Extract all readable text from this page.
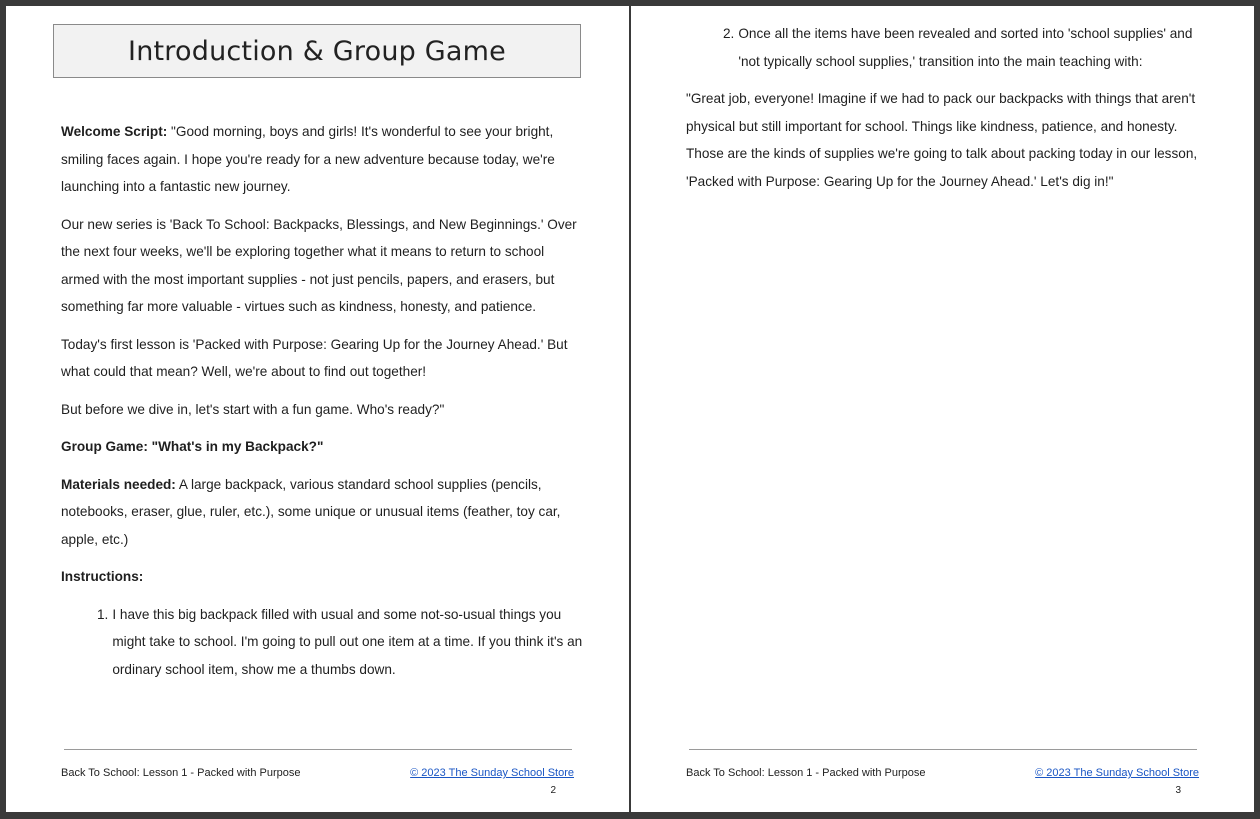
Introduction & Group Game

Welcome Script: "Good morning, boys and girls! It's wonderful to see your bright, smiling faces again. I hope you're ready for a new adventure because today, we're launching into a fantastic new journey.

Our new series is 'Back To School: Backpacks, Blessings, and New Beginnings.' Over the next four weeks, we'll be exploring together what it means to return to school armed with the most important supplies - not just pencils, papers, and erasers, but something far more valuable - virtues such as kindness, honesty, and patience.

Today's first lesson is 'Packed with Purpose: Gearing Up for the Journey Ahead.' But what could that mean? Well, we're about to find out together!

But before we dive in, let's start with a fun game. Who's ready?"

Group Game: "What's in my Backpack?"

Materials needed: A large backpack, various standard school supplies (pencils, notebooks, eraser, glue, ruler, etc.), some unique or unusual items (feather, toy car, apple, etc.)

Instructions:

1. I have this big backpack filled with usual and some not-so-usual things you might take to school. I'm going to pull out one item at a time. If you think it's an ordinary school item, show me a thumbs down.
Back To School: Lesson 1 - Packed with Purpose	© 2023 The Sunday School Store
2
2. Once all the items have been revealed and sorted into 'school supplies' and 'not typically school supplies,' transition into the main teaching with:

"Great job, everyone! Imagine if we had to pack our backpacks with things that aren't physical but still important for school. Things like kindness, patience, and honesty. Those are the kinds of supplies we're going to talk about packing today in our lesson, 'Packed with Purpose: Gearing Up for the Journey Ahead.' Let's dig in!"

Back To School: Lesson 1 - Packed with Purpose	© 2023 The Sunday School Store
3
